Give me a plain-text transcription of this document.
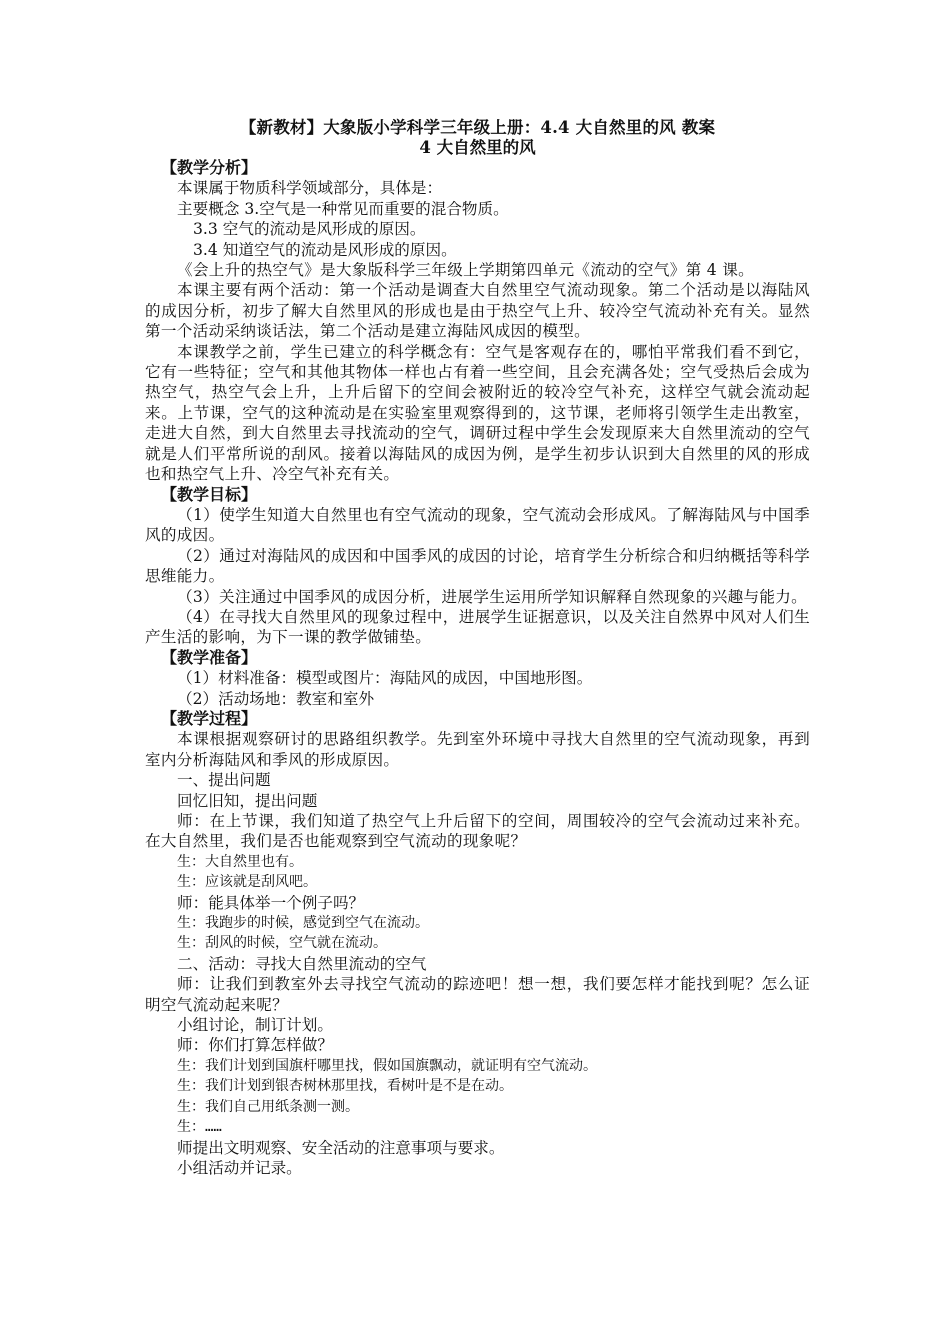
【新教材】大象版小学科学三年级上册：4.4 大自然里的风 教案
4 大自然里的风
【教学分析】
本课属于物质科学领域部分，具体是：
主要概念 3.空气是一种常见而重要的混合物质。
3.3 空气的流动是风形成的原因。
3.4 知道空气的流动是风形成的原因。
《会上升的热空气》是大象版科学三年级上学期第四单元《流动的空气》第 4 课。
本课主要有两个活动：第一个活动是调查大自然里空气流动现象。第二个活动是以海陆风的成因分析，初步了解大自然里风的形成也是由于热空气上升、较冷空气流动补充有关。显然第一个活动采纳谈话法，第二个活动是建立海陆风成因的模型。
本课教学之前，学生已建立的科学概念有：空气是客观存在的，哪怕平常我们看不到它，它有一些特征；空气和其他其物体一样也占有着一些空间，且会充满各处；空气受热后会成为热空气，热空气会上升，上升后留下的空间会被附近的较冷空气补充，这样空气就会流动起来。上节课，空气的这种流动是在实验室里观察得到的，这节课，老师将引领学生走出教室，走进大自然，到大自然里去寻找流动的空气，调研过程中学生会发现原来大自然里流动的空气就是人们平常所说的刮风。接着以海陆风的成因为例，是学生初步认识到大自然里的风的形成也和热空气上升、冷空气补充有关。
【教学目标】
（1）使学生知道大自然里也有空气流动的现象，空气流动会形成风。了解海陆风与中国季风的成因。
（2）通过对海陆风的成因和中国季风的成因的讨论，培育学生分析综合和归纳概括等科学思维能力。
（3）关注通过中国季风的成因分析，进展学生运用所学知识解释自然现象的兴趣与能力。
（4）在寻找大自然里风的现象过程中，进展学生证据意识，以及关注自然界中风对人们生产生活的影响，为下一课的教学做铺垫。
【教学准备】
（1）材料准备：模型或图片：海陆风的成因，中国地形图。
（2）活动场地：教室和室外
【教学过程】
本课根据观察研讨的思路组织教学。先到室外环境中寻找大自然里的空气流动现象，再到室内分析海陆风和季风的形成原因。
一、提出问题
回忆旧知，提出问题
师：在上节课，我们知道了热空气上升后留下的空间，周围较冷的空气会流动过来补充。在大自然里，我们是否也能观察到空气流动的现象呢？
生：大自然里也有。
生：应该就是刮风吧。
师：能具体举一个例子吗？
生：我跑步的时候，感觉到空气在流动。
生：刮风的时候，空气就在流动。
二、活动：寻找大自然里流动的空气
师：让我们到教室外去寻找空气流动的踪迹吧！想一想，我们要怎样才能找到呢？怎么证明空气流动起来呢？
小组讨论，制订计划。
师：你们打算怎样做？
生：我们计划到国旗杆哪里找，假如国旗飘动，就证明有空气流动。
生：我们计划到银杏树林那里找，看树叶是不是在动。
生：我们自己用纸条测一测。
生：……
师提出文明观察、安全活动的注意事项与要求。
小组活动并记录。
